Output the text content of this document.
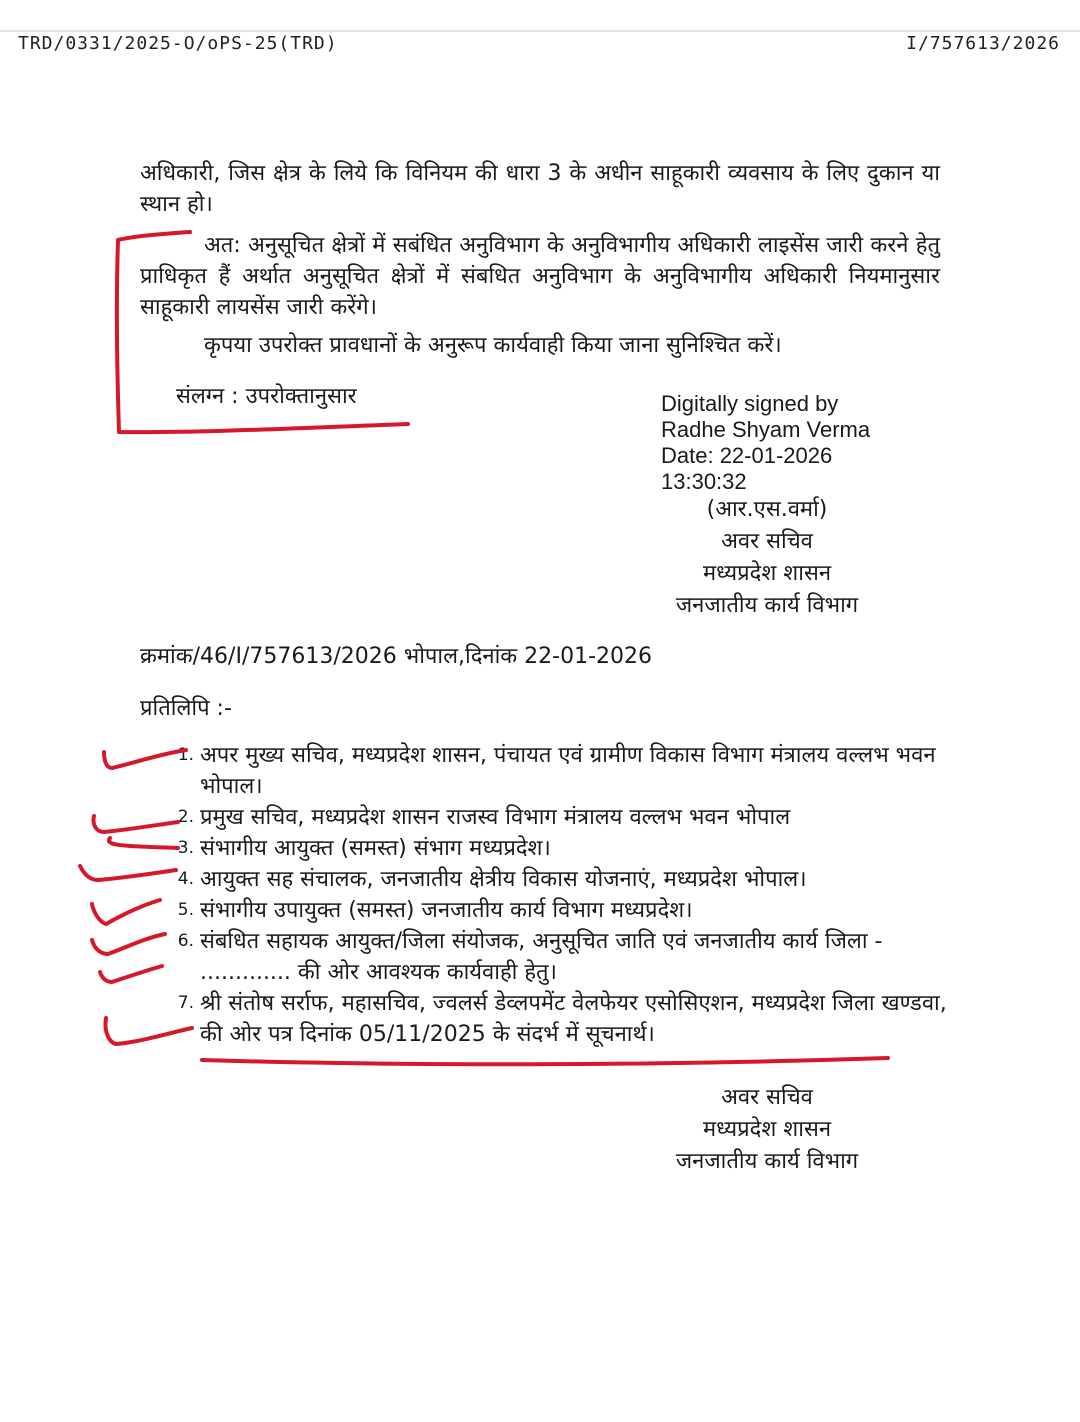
TRD/0331/2025-O/oPS-25(TRD)	I/757613/2026

अधिकारी, जिस क्षेत्र के लिये कि विनियम की धारा 3 के अधीन साहूकारी व्यवसाय के लिए दुकान या स्थान हो।

अत: अनुसूचित क्षेत्रों में सबंधित अनुविभाग के अनुविभागीय अधिकारी लाइसेंस जारी करने हेतु प्राधिकृत हैं अर्थात अनुसूचित क्षेत्रों में संबधित अनुविभाग के अनुविभागीय अधिकारी नियमानुसार साहूकारी लायसेंस जारी करेंगे।

कृपया उपरोक्त प्रावधानों के अनुरूप कार्यवाही किया जाना सुनिश्चित करें।

संलग्न : उपरोक्तानुसार	Digitally signed by
Radhe Shyam Verma
Date: 22-01-2026
13:30:32
(आर.एस.वर्मा)
अवर सचिव
मध्यप्रदेश शासन
जनजातीय कार्य विभाग
क्रमांक/46/I/757613/2026 भोपाल,दिनांक 22-01-2026
प्रतिलिपि :-
1. अपर मुख्य सचिव, मध्यप्रदेश शासन, पंचायत एवं ग्रामीण विकास विभाग मंत्रालय वल्लभ भवन भोपाल।
2. प्रमुख सचिव, मध्यप्रदेश शासन राजस्व विभाग मंत्रालय वल्लभ भवन भोपाल
3. संभागीय आयुक्त (समस्त) संभाग मध्यप्रदेश।
4. आयुक्त सह संचालक, जनजातीय क्षेत्रीय विकास योजनाएं, मध्यप्रदेश भोपाल।
5. संभागीय उपायुक्त (समस्त) जनजातीय कार्य विभाग मध्यप्रदेश।
6. संबधित सहायक आयुक्त/जिला संयोजक, अनुसूचित जाति एवं जनजातीय कार्य जिला - ............. की ओर आवश्यक कार्यवाही हेतु।
7. श्री संतोष सर्राफ, महासचिव, ज्वलर्स डेव्लपमेंट वेलफेयर एसोसिएशन, मध्यप्रदेश जिला खण्डवा, की ओर पत्र दिनांक 05/11/2025 के संदर्भ में सूचनार्थ।
अवर सचिव
मध्यप्रदेश शासन
जनजातीय कार्य विभाग
